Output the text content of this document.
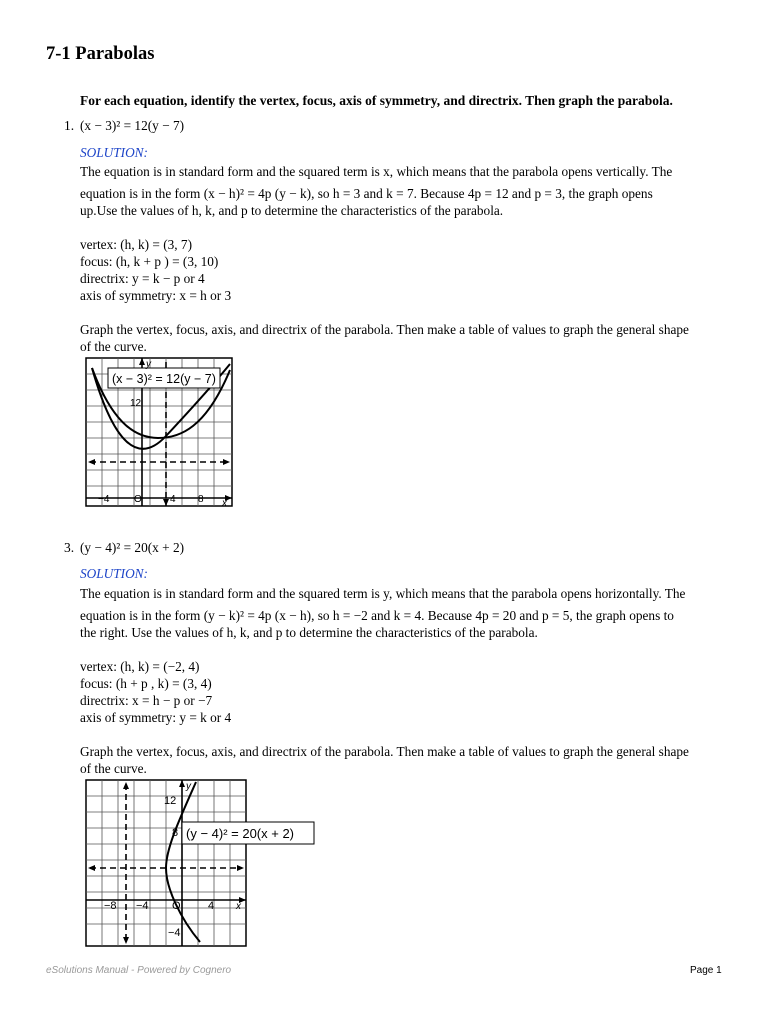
7-1 Parabolas
For each equation, identify the vertex, focus, axis of symmetry, and directrix. Then graph the parabola.
1. (x − 3)² = 12(y − 7)
SOLUTION:
The equation is in standard form and the squared term is x, which means that the parabola opens vertically. The
equation is in the form (x − h)² = 4p (y − k), so h = 3 and k = 7. Because 4p = 12 and p = 3, the graph opens
up.Use the values of h, k, and p to determine the characteristics of the parabola.
vertex: (h, k) = (3, 7)
focus: (h, k + p ) = (3, 10)
directrix: y = k − p or 4
axis of symmetry: x = h or 3
Graph the vertex, focus, axis, and directrix of the parabola. Then make a table of values to graph the general shape
of the curve.
(x − 3)² = 12(y − 7)
y
x
12
−4 O	4 8
3. (y − 4)² = 20(x + 2)
SOLUTION:
The equation is in standard form and the squared term is y, which means that the parabola opens horizontally. The
equation is in the form (y − k)² = 4p (x − h), so h = −2 and k = 4. Because 4p = 20 and p = 5, the graph opens to
the right. Use the values of h, k, and p to determine the characteristics of the parabola.
vertex: (h, k) = (−2, 4)
focus: (h + p , k) = (3, 4)
directrix: x = h − p or −7
axis of symmetry: y = k or 4
Graph the vertex, focus, axis, and directrix of the parabola. Then make a table of values to graph the general shape
of the curve.
(y − 4)² = 20(x + 2)
y
x
12
8
−8 −4 O 4
−4
eSolutions Manual - Powered by Cognero	Page 1
